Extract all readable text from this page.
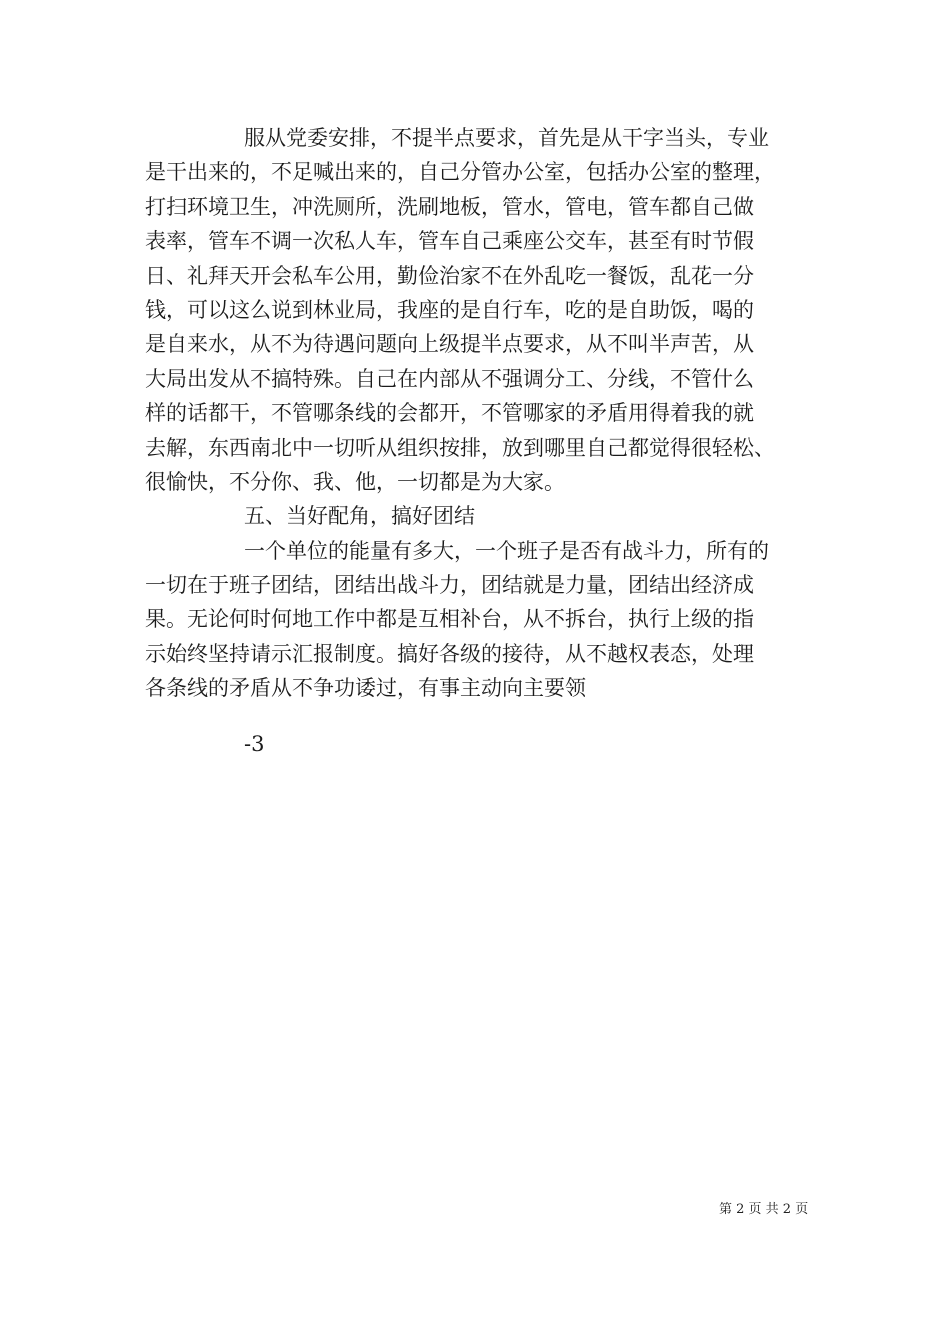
服从党委安排，不提半点要求，首先是从干字当头，专业
是干出来的，不足喊出来的，自己分管办公室，包括办公室的整理，
打扫环境卫生，冲洗厕所，洗刷地板，管水，管电，管车都自己做
表率，管车不调一次私人车，管车自己乘座公交车，甚至有时节假
日、礼拜天开会私车公用，勤俭治家不在外乱吃一餐饭，乱花一分
钱，可以这么说到林业局，我座的是自行车，吃的是自助饭，喝的
是自来水，从不为待遇问题向上级提半点要求，从不叫半声苦，从
大局出发从不搞特殊。自己在内部从不强调分工、分线，不管什么
样的话都干，不管哪条线的会都开，不管哪家的矛盾用得着我的就
去解，东西南北中一切听从组织按排，放到哪里自己都觉得很轻松、
很愉快，不分你、我、他，一切都是为大家。
五、当好配角，搞好团结
一个单位的能量有多大，一个班子是否有战斗力，所有的
一切在于班子团结，团结出战斗力，团结就是力量，团结出经济成
果。无论何时何地工作中都是互相补台，从不拆台，执行上级的指
示始终坚持请示汇报制度。搞好各级的接待，从不越权表态，处理
各条线的矛盾从不争功诿过，有事主动向主要领
-3
第 2 页 共 2 页
